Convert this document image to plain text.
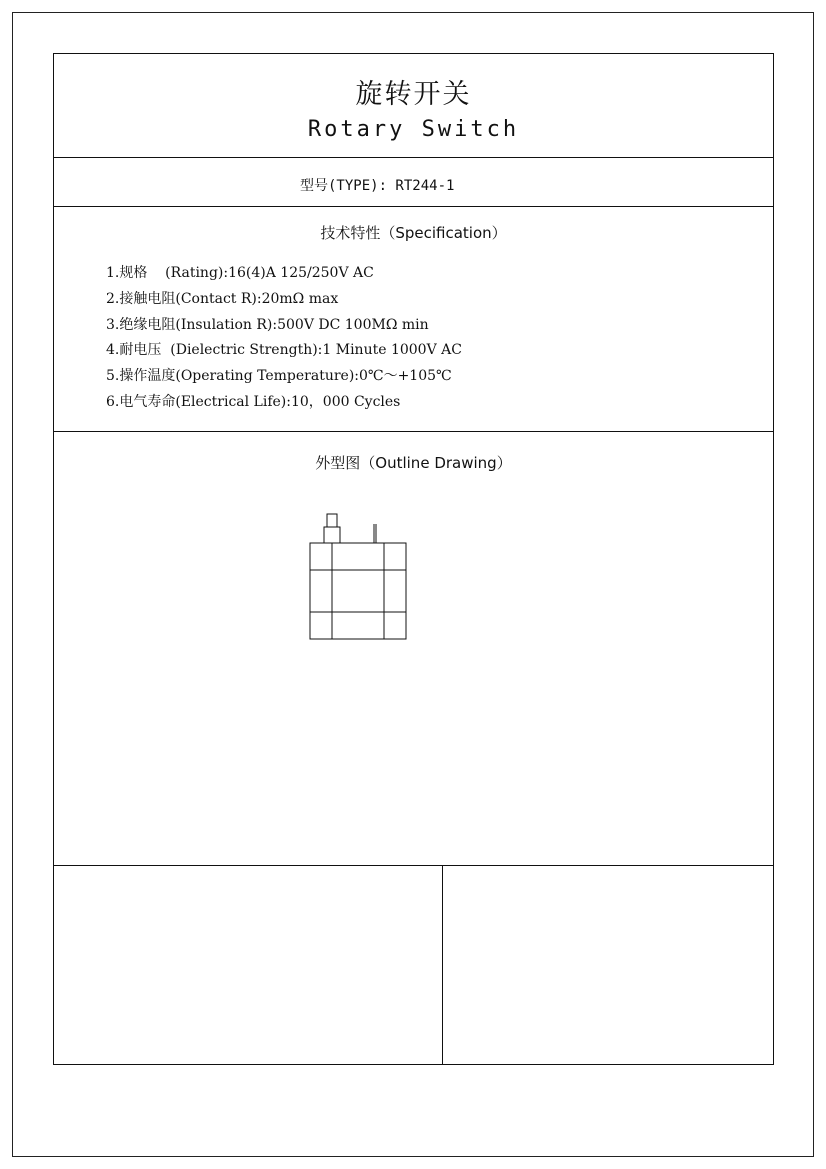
旋转开关
Rotary Switch
型号(TYPE): RT244-1
技术特性（Specification）
1.规格    (Rating):16(4)A 125/250V AC
2.接触电阻(Contact R):20mΩ max
3.绝缘电阻(Insulation R):500V DC 100MΩ min
4.耐电压  (Dielectric Strength):1 Minute 1000V AC
5.操作温度(Operating Temperature):0℃～+105℃
6.电气寿命(Electrical Life):10，000 Cycles
外型图（Outline Drawing）
